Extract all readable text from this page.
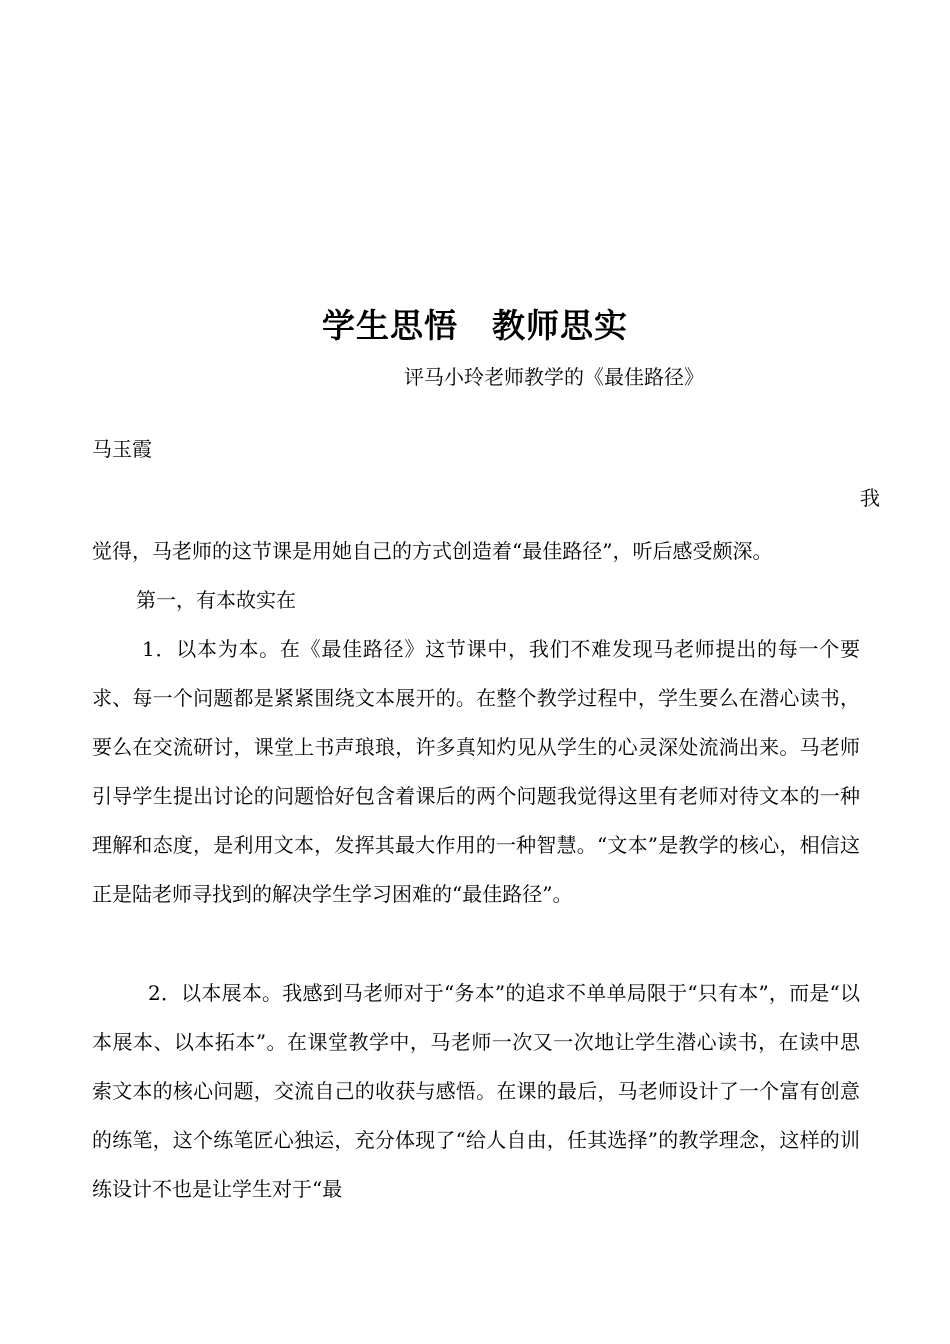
学生思悟 教师思实
评马小玲老师教学的《最佳路径》
马玉霞
我

觉得，马老师的这节课是用她自己的方式创造着“最佳路径”，听后感受颇深。

第一，有本故实在

1．以本为本。在《最佳路径》这节课中，我们不难发现马老师提出的每一个要求、每一个问题都是紧紧围绕文本展开的。在整个教学过程中，学生要么在潜心读书，要么在交流研讨，课堂上书声琅琅，许多真知灼见从学生的心灵深处流淌出来。马老师引导学生提出讨论的问题恰好包含着课后的两个问题我觉得这里有老师对待文本的一种理解和态度，是利用文本，发挥其最大作用的一种智慧。“文本”是教学的核心，相信这正是陆老师寻找到的解决学生学习困难的“最佳路径”。

2．以本展本。我感到马老师对于“务本”的追求不单单局限于“只有本”，而是“以本展本、以本拓本”。在课堂教学中，马老师一次又一次地让学生潜心读书，在读中思索文本的核心问题，交流自己的收获与感悟。在课的最后，马老师设计了一个富有创意的练笔，这个练笔匠心独运，充分体现了“给人自由，任其选择”的教学理念，这样的训练设计不也是让学生对于“最
